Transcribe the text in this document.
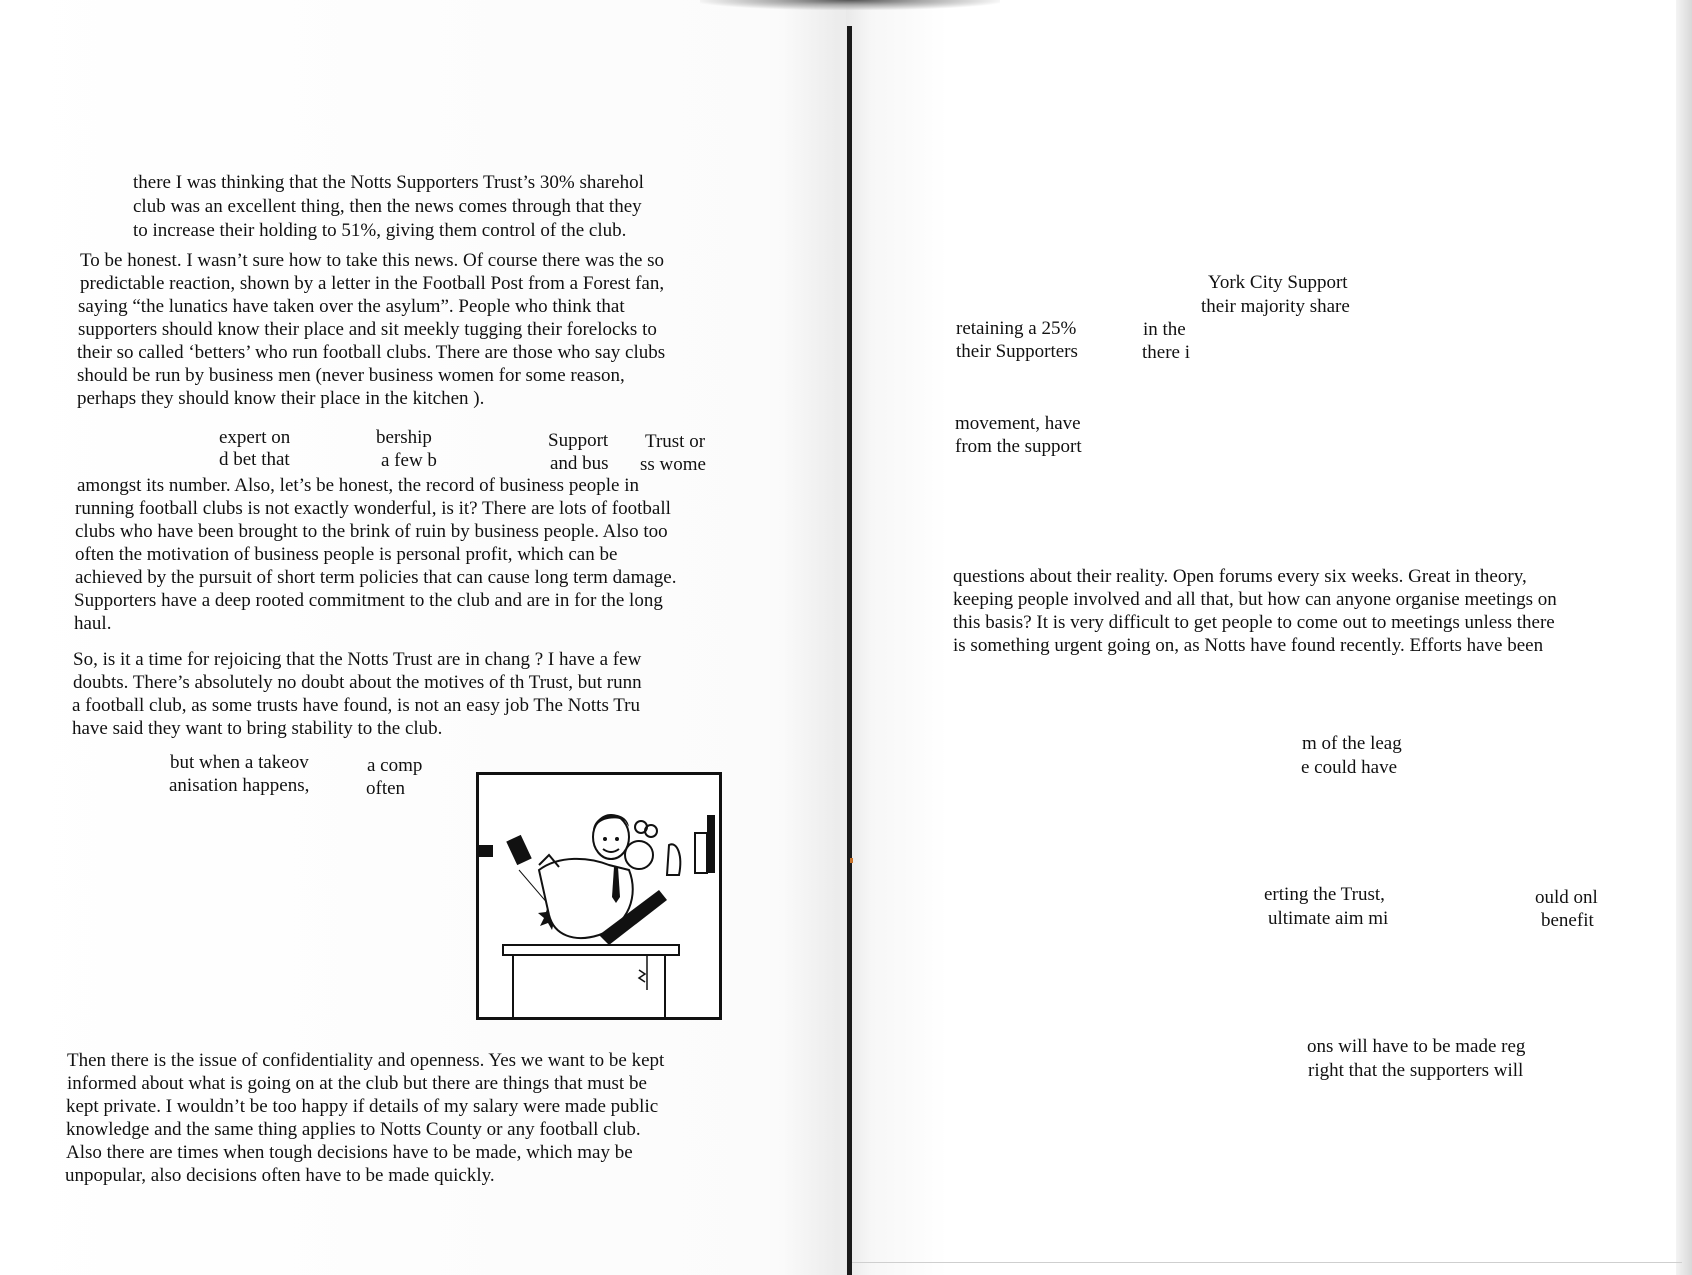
there I was thinking that the Notts Supporters Trust’s 30% sharehol
club was an excellent thing, then the news comes through that they
to increase their holding to 51%, giving them control of the club.
To be honest. I wasn’t sure how to take this news. Of course there was the so
predictable reaction, shown by a letter in the Football Post from a Forest fan,
saying “the lunatics have taken over the asylum”. People who think that
supporters should know their place and sit meekly tugging their forelocks to
their so called ‘betters’ who run football clubs. There are those who say clubs
should be run by business men (never business women for some reason,
perhaps they should know their place in the kitchen ).
expert on
d bet that
bership
a few b
Support
and bus
Trust or
ss wome
amongst its number. Also, let’s be honest, the record of business people in
running football clubs is not exactly wonderful, is it? There are lots of football
clubs who have been brought to the brink of ruin by business people. Also too
often the motivation of business people is personal profit, which can be
achieved by the pursuit of short term policies that can cause long term damage.
Supporters have a deep rooted commitment to the club and are in for the long
haul.
So, is it a time for rejoicing that the Notts Trust are in chang ? I have a few
doubts. There’s absolutely no doubt about the motives of th Trust, but runn
a football club, as some trusts have found, is not an easy job The Notts Tru
have said they want to bring stability to the club.
but when a takeov
anisation happens,
a comp
often
Then there is the issue of confidentiality and openness. Yes we want to be kept
informed about what is going on at the club but there are things that must be
kept private. I wouldn’t be too happy if details of my salary were made public
knowledge and the same thing applies to Notts County or any football club.
Also there are times when tough decisions have to be made, which may be
unpopular, also decisions often have to be made quickly.
York City Support
their majority share
retaining a 25%
their Supporters
in the
there i
movement, have
from the support
questions about their reality. Open forums every six weeks. Great in theory,
keeping people involved and all that, but how can anyone organise meetings on
this basis? It is very difficult to get people to come out to meetings unless there
is something urgent going on, as Notts have found recently. Efforts have been
m of the leag
e could have
erting the Trust,
ultimate aim mi
ould onl
benefit
ons will have to be made reg
right that the supporters will
